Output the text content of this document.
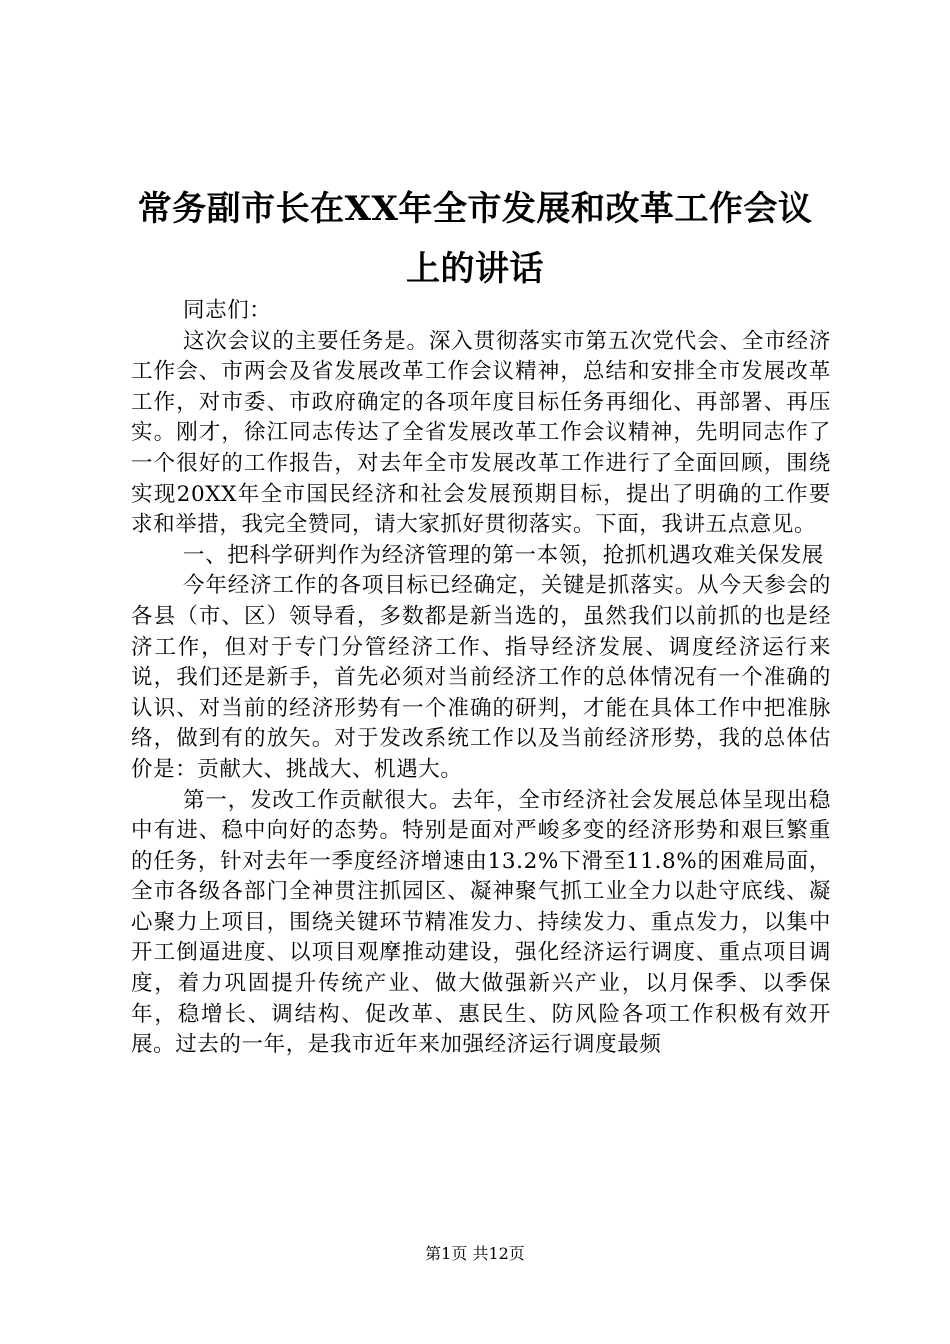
常务副市长在XX年全市发展和改革工作会议
上的讲话

同志们：

这次会议的主要任务是。深入贯彻落实市第五次党代会、全市经济工作会、市两会及省发展改革工作会议精神，总结和安排全市发展改革工作，对市委、市政府确定的各项年度目标任务再细化、再部署、再压实。刚才，徐江同志传达了全省发展改革工作会议精神，先明同志作了一个很好的工作报告，对去年全市发展改革工作进行了全面回顾，围绕实现20XX年全市国民经济和社会发展预期目标，提出了明确的工作要求和举措，我完全赞同，请大家抓好贯彻落实。下面，我讲五点意见。

一、把科学研判作为经济管理的第一本领，抢抓机遇攻难关保发展

今年经济工作的各项目标已经确定，关键是抓落实。从今天参会的各县（市、区）领导看，多数都是新当选的，虽然我们以前抓的也是经济工作，但对于专门分管经济工作、指导经济发展、调度经济运行来说，我们还是新手，首先必须对当前经济工作的总体情况有一个准确的认识、对当前的经济形势有一个准确的研判，才能在具体工作中把准脉络，做到有的放矢。对于发改系统工作以及当前经济形势，我的总体估价是：贡献大、挑战大、机遇大。

第一，发改工作贡献很大。去年，全市经济社会发展总体呈现出稳中有进、稳中向好的态势。特别是面对严峻多变的经济形势和艰巨繁重的任务，针对去年一季度经济增速由13.2%下滑至11.8%的困难局面，全市各级各部门全神贯注抓园区、凝神聚气抓工业全力以赴守底线、凝心聚力上项目，围绕关键环节精准发力、持续发力、重点发力，以集中开工倒逼进度、以项目观摩推动建设，强化经济运行调度、重点项目调度，着力巩固提升传统产业、做大做强新兴产业，以月保季、以季保年，稳增长、调结构、促改革、惠民生、防风险各项工作积极有效开展。过去的一年，是我市近年来加强经济运行调度最频

第1页 共12页
